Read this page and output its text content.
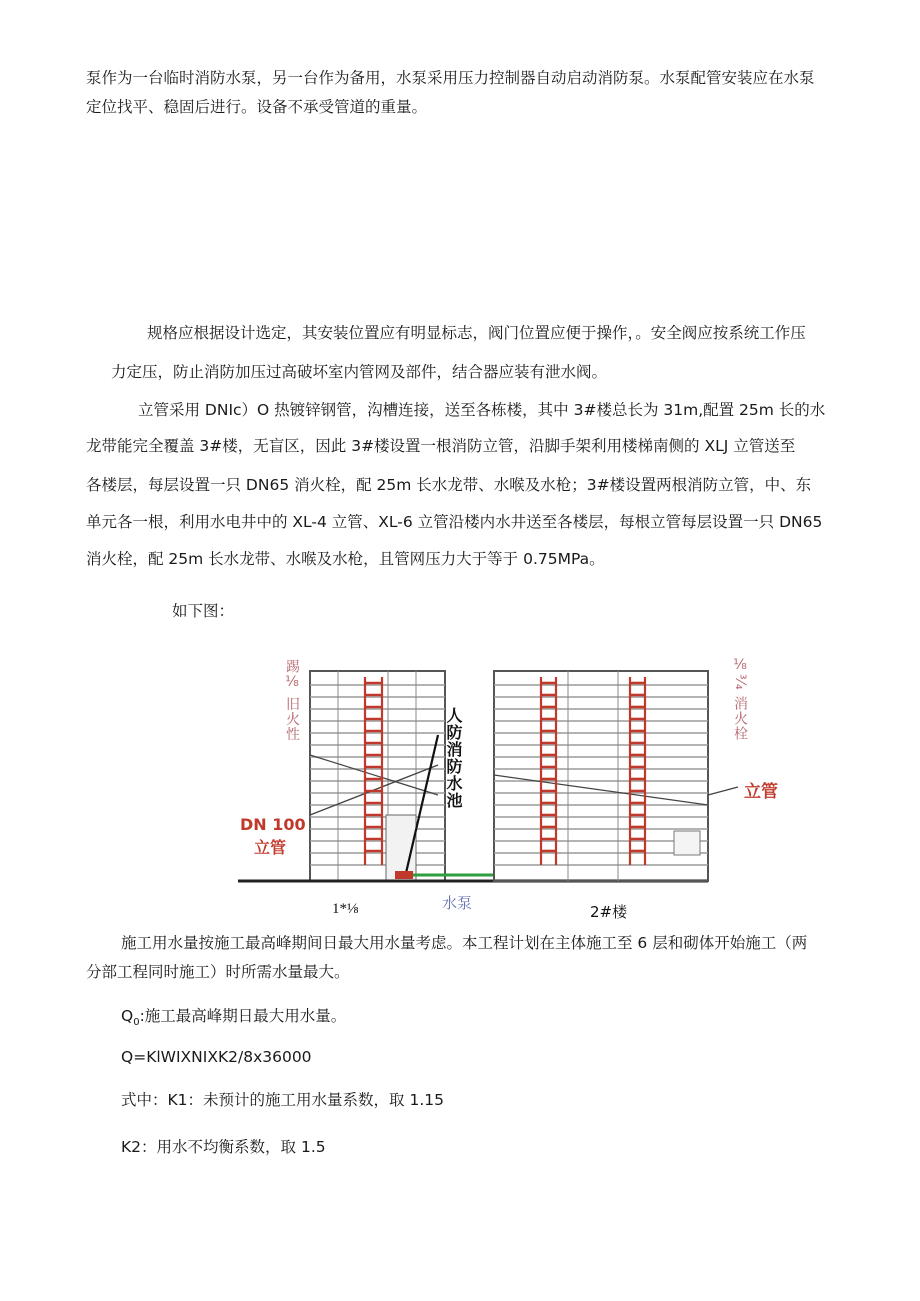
泵作为一台临时消防水泵，另一台作为备用，水泵采用压力控制器自动启动消防泵。水泵配管安装应在水泵

定位找平、稳固后进行。设备不承受管道的重量。

规格应根据设计选定，其安装位置应有明显标志，阀门位置应便于操作，。安全阀应按系统工作压

力定压，防止消防加压过高破坏室内管网及部件，结合器应装有泄水阀。

立管采用 DNIc）O 热镀锌钢管，沟槽连接，送至各栋楼，其中 3#楼总长为 31m,配置 25m 长的水

龙带能完全覆盖 3#楼，无盲区，因此 3#楼设置一根消防立管，沿脚手架利用楼梯南侧的 XLJ 立管送至

各楼层，每层设置一只 DN65 消火栓，配 25m 长水龙带、水喉及水枪；3#楼设置两根消防立管，中、东

单元各一根，利用水电井中的 XL-4 立管、XL-6 立管沿楼内水井送至各楼层，每根立管每层设置一只 DN65

消火栓，配 25m 长水龙带、水喉及水枪，且管网压力大于等于 0.75MPa。

如下图：

踢⅛ 旧火性	⅛³⁄₄ 消火栓
人防消防水池	立管
DN 100
立管
1*⅛	水泵	2#楼

施工用水量按施工最高峰期间日最大用水量考虑。本工程计划在主体施工至 6 层和砌体开始施工（两

分部工程同时施工）时所需水量最大。

$Q_0$:施工最高峰期日最大用水量。

Q=KlWIXNIXK2/8x36000

式中：K1：未预计的施工用水量系数，取 1.15

K2：用水不均衡系数，取 1.5
